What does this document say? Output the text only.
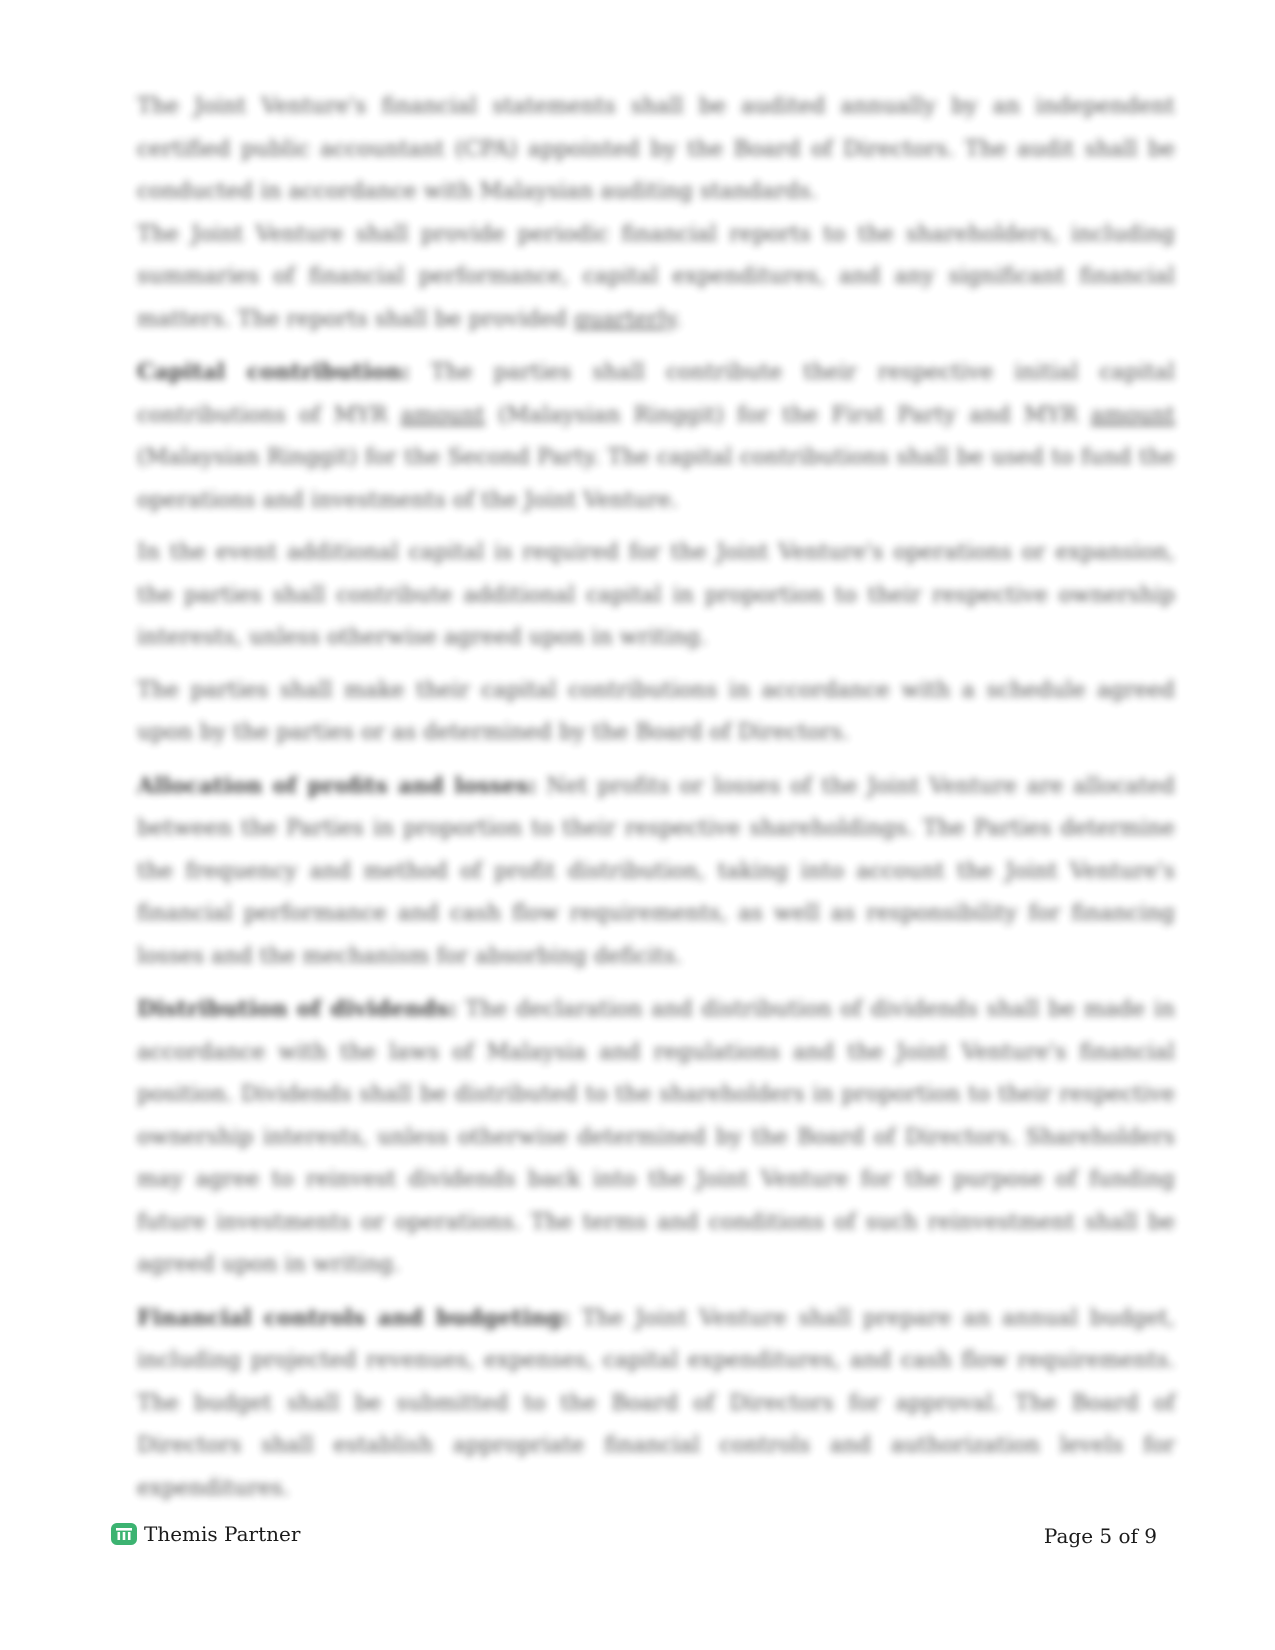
The Joint Venture's financial statements shall be audited annually by an independent certified public accountant (CPA) appointed by the Board of Directors. The audit shall be conducted in accordance with Malaysian auditing standards.

The Joint Venture shall provide periodic financial reports to the shareholders, including summaries of financial performance, capital expenditures, and any significant financial matters. The reports shall be provided quarterly.

Capital contribution: The parties shall contribute their respective initial capital contributions of MYR amount (Malaysian Ringgit) for the First Party and MYR amount (Malaysian Ringgit) for the Second Party. The capital contributions shall be used to fund the operations and investments of the Joint Venture.

In the event additional capital is required for the Joint Venture's operations or expansion, the parties shall contribute additional capital in proportion to their respective ownership interests, unless otherwise agreed upon in writing.

The parties shall make their capital contributions in accordance with a schedule agreed upon by the parties or as determined by the Board of Directors.

Allocation of profits and losses: Net profits or losses of the Joint Venture are allocated between the Parties in proportion to their respective shareholdings. The Parties determine the frequency and method of profit distribution, taking into account the Joint Venture's financial performance and cash flow requirements, as well as responsibility for financing losses and the mechanism for absorbing deficits.

Distribution of dividends: The declaration and distribution of dividends shall be made in accordance with the laws of Malaysia and regulations and the Joint Venture's financial position. Dividends shall be distributed to the shareholders in proportion to their respective ownership interests, unless otherwise determined by the Board of Directors. Shareholders may agree to reinvest dividends back into the Joint Venture for the purpose of funding future investments or operations. The terms and conditions of such reinvestment shall be agreed upon in writing.

Financial controls and budgeting: The Joint Venture shall prepare an annual budget, including projected revenues, expenses, capital expenditures, and cash flow requirements. The budget shall be submitted to the Board of Directors for approval. The Board of Directors shall establish appropriate financial controls and authorization levels for expenditures.

Themis Partner	Page 5 of 9
